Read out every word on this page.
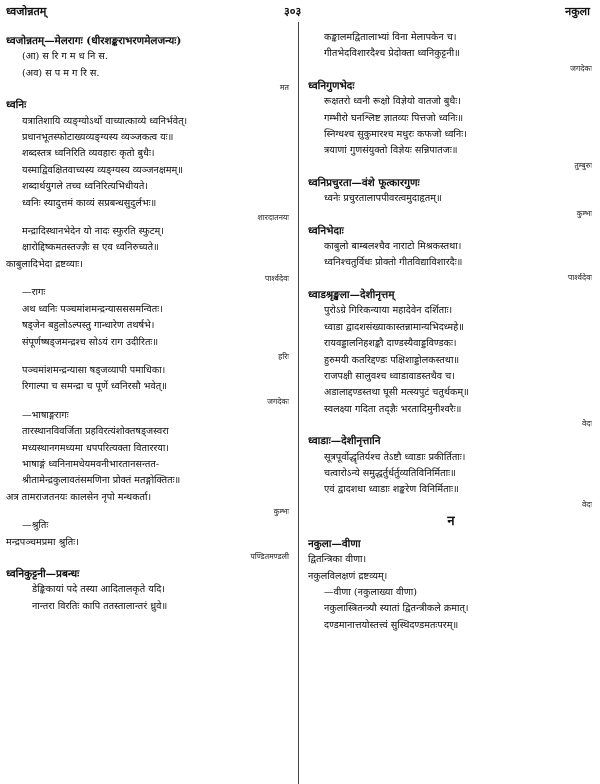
ध्वजोन्नतम्	३०३	नकुला
ध्वजोन्नतम्—मेलरागः (धीरशङ्कराभरणमेलजन्यः)
(आ) स रि ग म ध नि स.
(अव) स प म ग रि स.
मत
ध्वनिः
यत्रातिशायि व्यङ्ग्योऽर्थो वाच्यात्काव्ये ध्वनिर्भवेत्।
प्रधानभूतस्फोटाख्यव्यङ्ग्यस्य व्यञ्जकत्व यः॥
शब्दस्तत्र ध्वनिरिति व्यवहारः कृतो बुधैः।
यस्माद्विवक्षितवाच्यस्य व्यङ्ग्यस्य व्यञ्जनक्षमम्॥
शब्दार्थयुगले तच्च ध्वनिरित्यभिधीयते।
ध्वनिः स्यादुत्तमं काव्यं सप्रबन्धसुदुर्लभः॥
शारदातनयः
मन्द्रादिस्थानभेदेन यो नादः स्फुरति स्फुटम्।
क्षारोद्दिष्कमतस्तज्ज्ञैः स एव ध्वनिरुच्यते॥
काबुलादिभेदा द्रष्टव्याः।
पार्श्वदेवः
—रागः
अथ ध्वनिः पञ्चमांशमन्द्रन्यासससमन्वितः।
षड्जेन बहुलोऽल्पस्तु गान्धारेण तथर्षभे।
संपूर्णष्षड्जमन्द्रश्च सोऽयं राग उदीरितः॥
हरिः
पञ्चमांशमन्द्रन्यासा षड्जव्यापी पमाधिका।
रिगाल्पा च समन्द्रा च पूर्णे ध्वनिरसौ भवेत्॥
जगदेकः
—भाषाङ्गरागः
तारस्थानविवर्जिता प्रहविरत्यंशोक्तषड्जस्वरा
मध्यस्थानगमध्यमा धपपरित्यक्ता विताररया।
भाषाङ्गं ध्वनिनामधेयमवनीभारतानसन्तत-
श्रीतामेन्द्रकुलावतंसमणिना प्रोक्तं मतङ्गोक्तितः॥
अत्र तामराजतनयः कालसेन नृपो मन्थकर्ता।
कुम्भः
—श्रुतिः
मन्द्रपञ्चमप्रमा श्रुतिः।
पण्डितमण्डली
ध्वनिकुट्टनी—प्रबन्धः
डेङ्किकायां पदे तस्या आदितालकृते यदि।
नान्तरा विरतिः कापि ततस्तालान्तरं ध्रुवे॥
कङ्कालमद्वितालाभ्यां विना मेलापकेन च।
गीतभेदविशारदैश्च प्रेदोक्ता ध्वनिकुट्टनी॥
जगदेकः
ध्वनिगुणभेदः
रूक्षतरो ध्वनी रूक्षो विज्ञेयो वातजो बुधैः।
गम्भीरो घनश्लिष्ट ज्ञातव्यः पित्तजो ध्वनिः॥
स्निग्धश्च सुकुमारश्च मधुरः कफजो ध्वनिः।
त्रयाणां गुणसंयुक्तो विज्ञेयः सन्निपातजः॥
तुम्बुरुः
ध्वनिप्रचुरता—वंशे फूत्कारगुणः
ध्वनेः प्रचुरतालापपीवरत्वमुदाहृतम्॥
कुम्भः
ध्वनिभेदाः
काबुलो बाम्बलश्चैव नाराटो मिश्रकस्तथा।
ध्वनिश्चतुर्विधः प्रोक्तो गीतविद्याविशारदैः॥
पार्श्वदेवः
ध्वाडश्रृङ्खला—देशीनृत्तम्
पुरोऽग्रे गिरिकन्याया महादेवेन दर्शिताः।
ध्वाडा द्वादशसंख्याकास्तन्नामान्यभिदध्महे॥
रायवड्डालनिहशङ्कौ दाण्डस्यैवाड्डविण्डकः।
हुरुमयी कतरिद्दण्डः पक्षिशाड्डोलकस्तथा॥
राजपक्षी सालुवश्च ध्वाडावाडस्तथैव च।
अडालाद्दण्डस्तथा घूसी मत्स्यपुटं चतुर्थकम्॥
स्वलक्ष्या गदिता तद्ज्ञैः भरतादिमुनीश्वरैः॥
वेदः
ध्वाडाः—देशीनृत्तानि
सूत्रपूर्वोद्धृतिर्यश्च तेऽष्टौ ध्वाडाः प्रकीर्तिताः।
चत्वारोऽन्ये समुद्धर्तुर्धर्तुव्यतिविनिर्मिताः॥
एवं द्वादशधा ध्वाडाः शङ्करेण विनिर्मिताः॥
वेदः
न
नकुला—वीणा
द्वितन्त्रिका वीणा।
नकुलविलक्षणं द्रष्टव्यम्।
—वीणा (नकुलाख्या वीणा)
नकुलास्त्रितन्त्र्यौ स्यातां द्वितन्त्रीकले क्रमात्।
दण्डमानात्तयोस्तत्त्वं सुस्थिदण्डमतःपरम्॥
